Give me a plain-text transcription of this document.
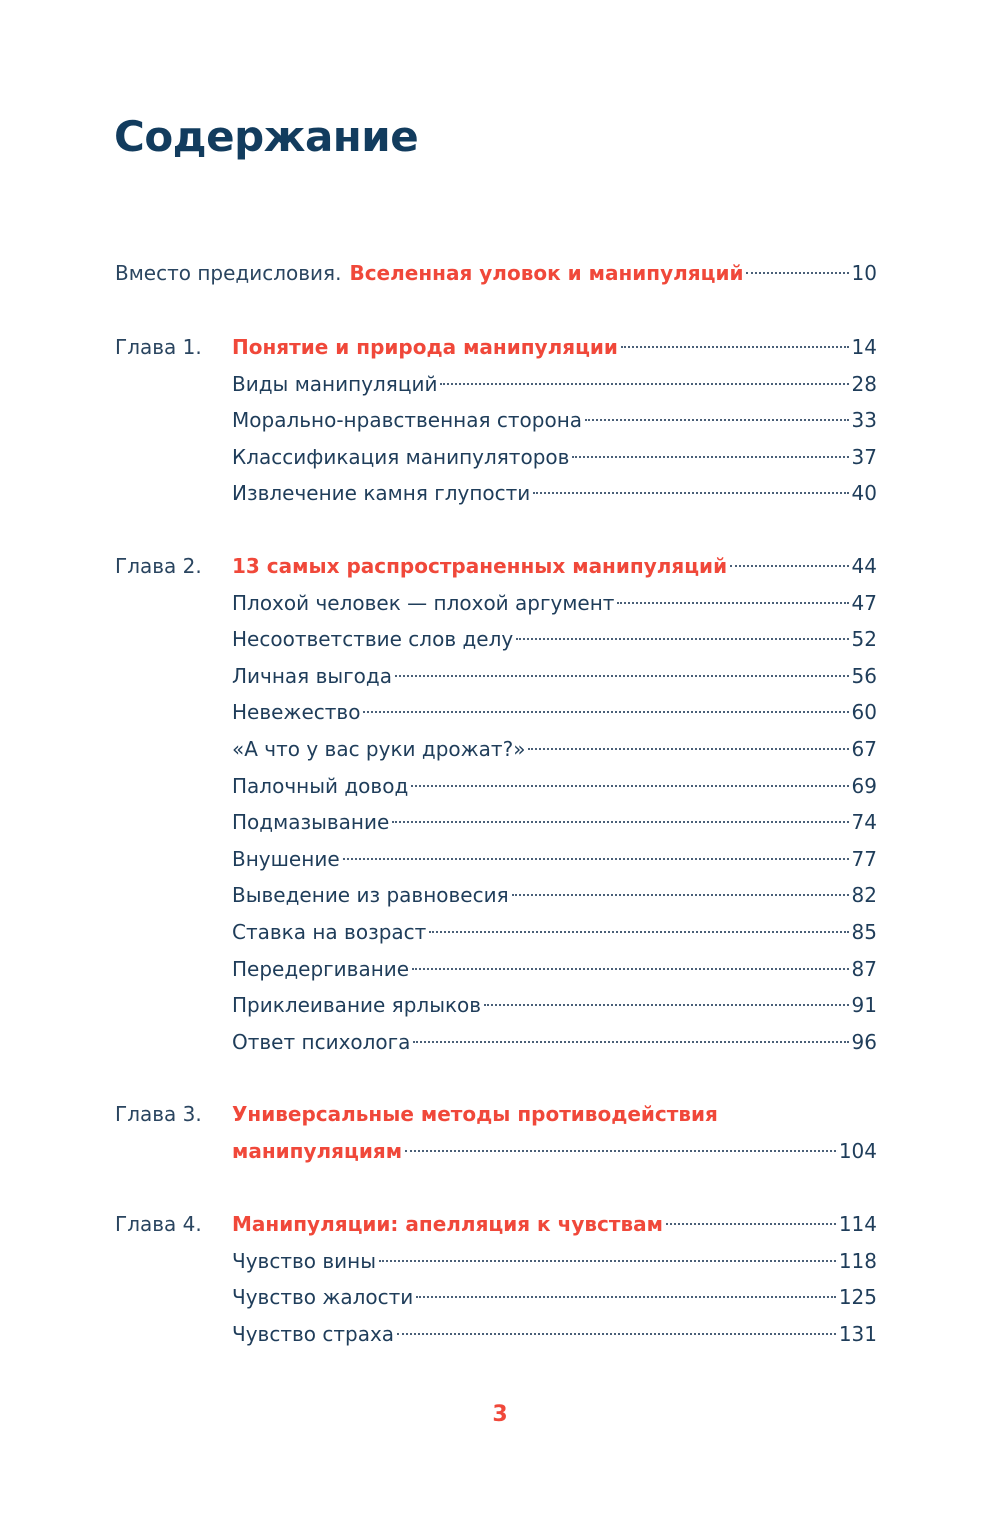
Содержание
Вместо предисловия. Вселенная уловок и манипуляций	10
Глава 1.	Понятие и природа манипуляции	14
Виды манипуляций	28
Морально-нравственная сторона	33
Классификация манипуляторов	37
Извлечение камня глупости	40
Глава 2.	13 самых распространенных манипуляций	44
Плохой человек — плохой аргумент	47
Несоответствие слов делу	52
Личная выгода	56
Невежество	60
«А что у вас руки дрожат?»	67
Палочный довод	69
Подмазывание	74
Внушение	77
Выведение из равновесия	82
Ставка на возраст	85
Передергивание	87
Приклеивание ярлыков	91
Ответ психолога	96
Глава 3.	Универсальные методы противодействия
манипуляциям	104
Глава 4.	Манипуляции: апелляция к чувствам	114
Чувство вины	118
Чувство жалости	125
Чувство страха	131
3
